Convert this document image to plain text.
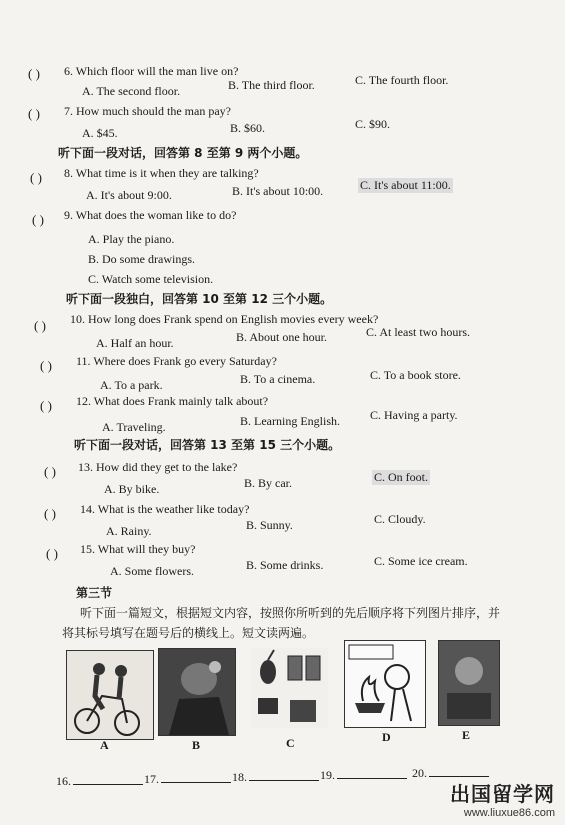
( ) 6. Which floor will the man live on?
A. The second floor.	B. The third floor.	C. The fourth floor.
( ) 7. How much should the man pay?
A. $45.	B. $60.	C. $90.
听下面一段对话，回答第 8 至第 9 两个小题。
( ) 8. What time is it when they are talking?
A. It's about 9:00.	B. It's about 10:00.	C. It's about 11:00.
( ) 9. What does the woman like to do?
A. Play the piano.
B. Do some drawings.
C. Watch some television.
听下面一段独白，回答第 10 至第 12 三个小题。
( ) 10. How long does Frank spend on English movies every week?
A. Half an hour.	B. About one hour.	C. At least two hours.
( ) 11. Where does Frank go every Saturday?
A. To a park.	B. To a cinema.	C. To a book store.
( ) 12. What does Frank mainly talk about?
A. Traveling.	B. Learning English.	C. Having a party.
听下面一段对话，回答第 13 至第 15 三个小题。
( ) 13. How did they get to the lake?
A. By bike.	B. By car.	C. On foot.
( ) 14. What is the weather like today?
A. Rainy.	B. Sunny.	C. Cloudy.
( ) 15. What will they buy?
A. Some flowers.	B. Some drinks.	C. Some ice cream.
第三节
听下面一篇短文，根据短文内容，按照你所听到的先后顺序将下列图片排序，并
将其标号填写在题号后的横线上。短文读两遍。
A	B	C	D	E
16.	17.	18.	19.	20.
出国留学网
www.liuxue86.com
